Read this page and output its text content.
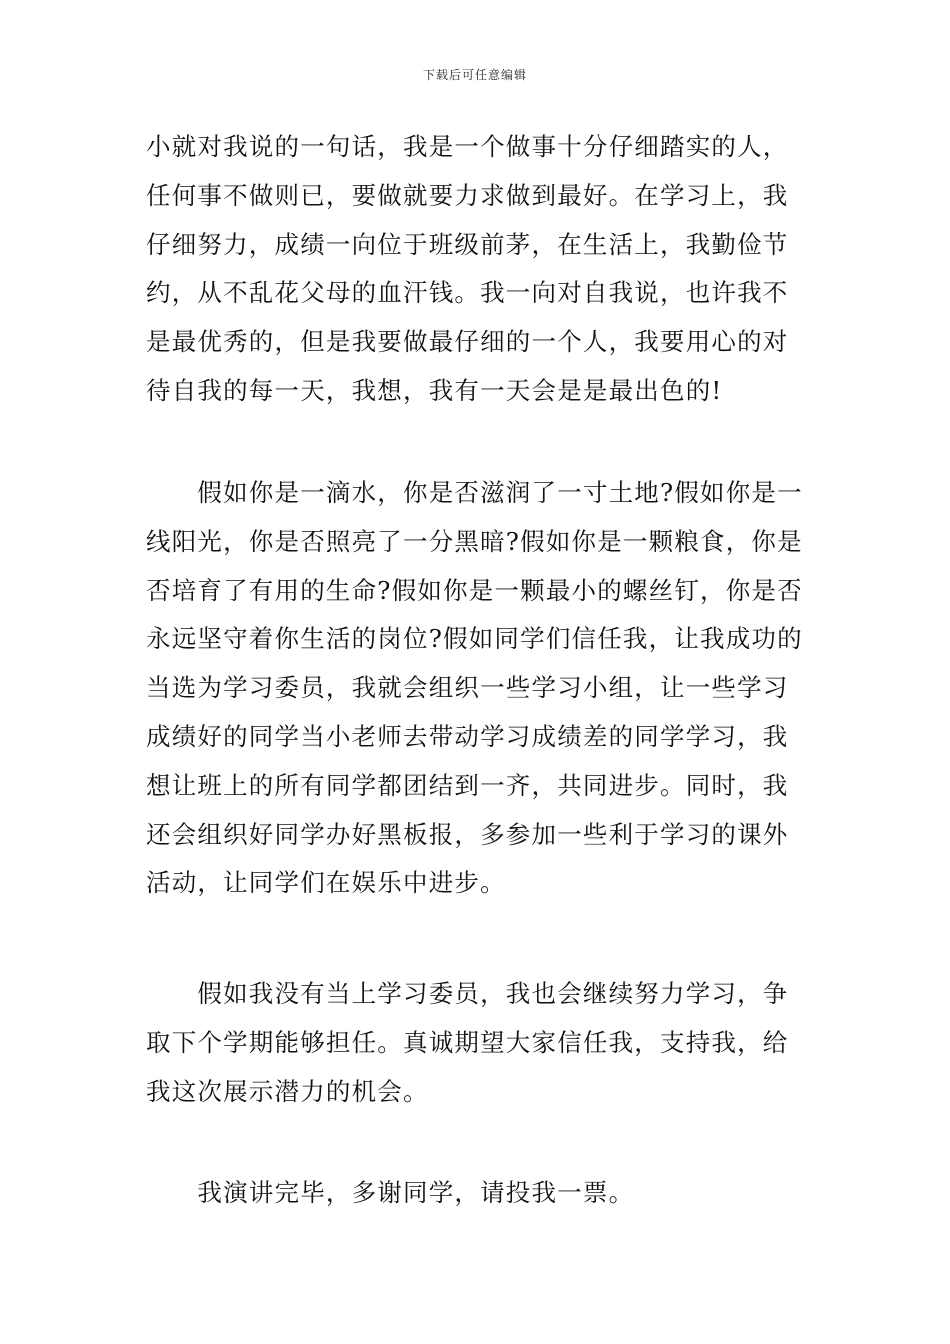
下载后可任意编辑
小就对我说的一句话，我是一个做事十分仔细踏实的人，
任何事不做则已，要做就要力求做到最好。在学习上，我
仔细努力，成绩一向位于班级前茅，在生活上，我勤俭节
约，从不乱花父母的血汗钱。我一向对自我说，也许我不
是最优秀的，但是我要做最仔细的一个人，我要用心的对
待自我的每一天，我想，我有一天会是是最出色的!
　　假如你是一滴水，你是否滋润了一寸土地?假如你是一
线阳光，你是否照亮了一分黑暗?假如你是一颗粮食，你是
否培育了有用的生命?假如你是一颗最小的螺丝钉，你是否
永远坚守着你生活的岗位?假如同学们信任我，让我成功的
当选为学习委员，我就会组织一些学习小组，让一些学习
成绩好的同学当小老师去带动学习成绩差的同学学习，我
想让班上的所有同学都团结到一齐，共同进步。同时，我
还会组织好同学办好黑板报，多参加一些利于学习的课外
活动，让同学们在娱乐中进步。
　　假如我没有当上学习委员，我也会继续努力学习，争
取下个学期能够担任。真诚期望大家信任我，支持我，给
我这次展示潜力的机会。
　　我演讲完毕，多谢同学，请投我一票。
